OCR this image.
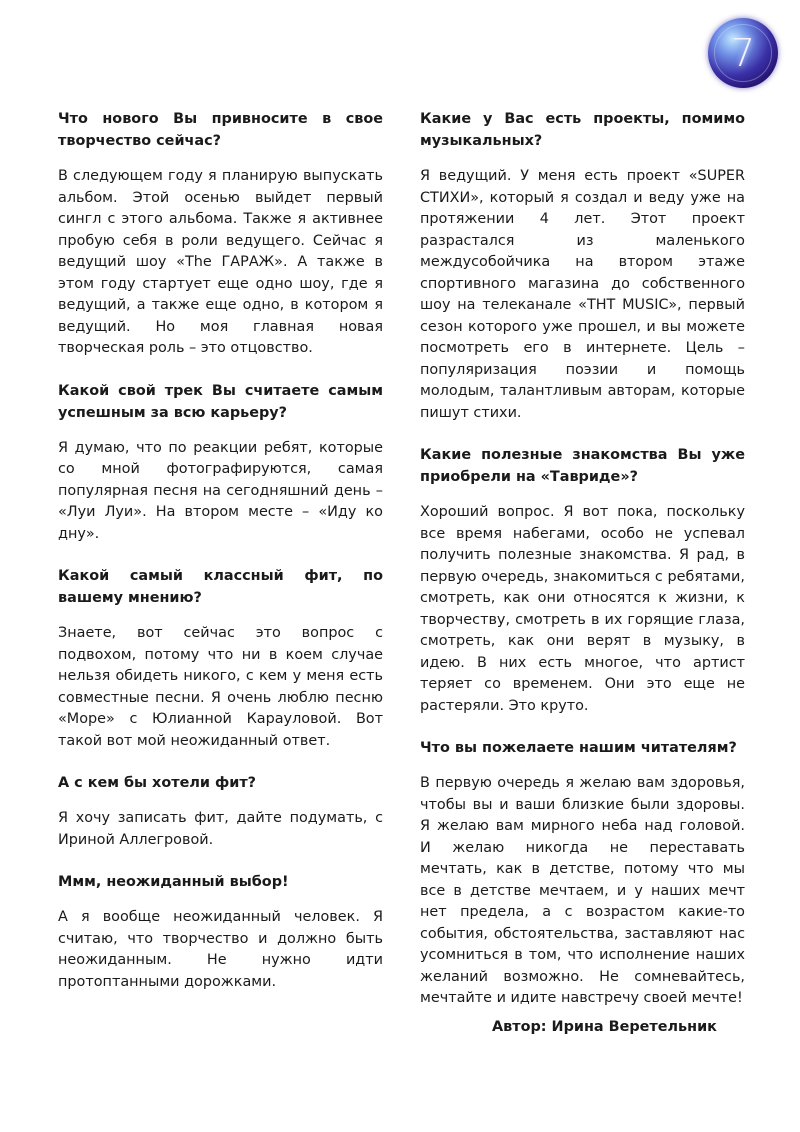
7

Что нового Вы привносите в свое творчество сейчас?

В следующем году я планирую выпускать альбом. Этой осенью выйдет первый сингл с этого альбома. Также я активнее пробую себя в роли ведущего. Сейчас я ведущий шоу «The ГАРАЖ». А также в этом году стартует еще одно шоу, где я ведущий, а также еще одно, в котором я ведущий. Но моя главная новая творческая роль – это отцовство.

Какой свой трек Вы считаете самым успешным за всю карьеру?

Я думаю, что по реакции ребят, которые со мной фотографируются, самая популярная песня на сегодняшний день – «Луи Луи». На втором месте – «Иду ко дну».

Какой самый классный фит, по вашему мнению?

Знаете, вот сейчас это вопрос с подвохом, потому что ни в коем случае нельзя обидеть никого, с кем у меня есть совместные песни. Я очень люблю песню «Море» с Юлианной Карауловой. Вот такой вот мой неожиданный ответ.

А с кем бы хотели фит?

Я хочу записать фит, дайте подумать, с Ириной Аллегровой.

Ммм, неожиданный выбор!

А я вообще неожиданный человек. Я считаю, что творчество и должно быть неожиданным. Не нужно идти протоптанными дорожками.

Какие у Вас есть проекты, помимо музыкальных?

Я ведущий. У меня есть проект «SUPER СТИХИ», который я создал и веду уже на протяжении 4 лет. Этот проект разрастался из маленького междусобойчика на втором этаже спортивного магазина до собственного шоу на телеканале «ТНТ MUSIC», первый сезон которого уже прошел, и вы можете посмотреть его в интернете. Цель – популяризация поэзии и помощь молодым, талантливым авторам, которые пишут стихи.

Какие полезные знакомства Вы уже приобрели на «Тавриде»?

Хороший вопрос. Я вот пока, поскольку все время набегами, особо не успевал получить полезные знакомства. Я рад, в первую очередь, знакомиться с ребятами, смотреть, как они относятся к жизни, к творчеству, смотреть в их горящие глаза, смотреть, как они верят в музыку, в идею. В них есть многое, что артист теряет со временем. Они это еще не растеряли. Это круто.

Что вы пожелаете нашим читателям?

В первую очередь я желаю вам здоровья, чтобы вы и ваши близкие были здоровы. Я желаю вам мирного неба над головой. И желаю никогда не переставать мечтать, как в детстве, потому что мы все в детстве мечтаем, и у наших мечт нет предела, а с возрастом какие-то события, обстоятельства, заставляют нас усомниться в том, что исполнение наших желаний возможно. Не сомневайтесь, мечтайте и идите навстречу своей мечте!

Автор: Ирина Веретельник
